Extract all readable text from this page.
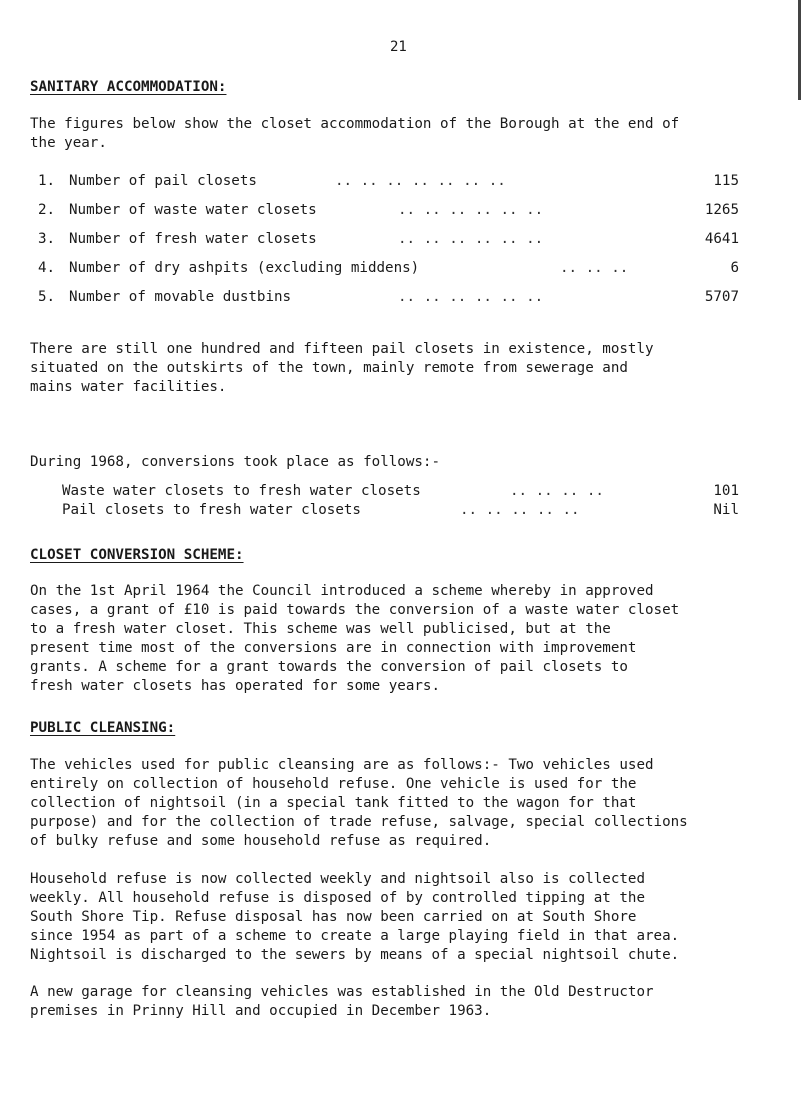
21
SANITARY ACCOMMODATION:
The figures below show the closet accommodation of the Borough at the end of
the year.
1. Number of pail closets	.. .. .. .. .. .. ..	115
2. Number of waste water closets	.. .. .. .. .. ..	1265
3. Number of fresh water closets	.. .. .. .. .. ..	4641
4. Number of dry ashpits (excluding middens)	.. .. ..	6
5. Number of movable dustbins	.. .. .. .. .. ..	5707
There are still one hundred and fifteen pail closets in existence, mostly
situated on the outskirts of the town, mainly remote from sewerage and
mains water facilities.
During 1968, conversions took place as follows:-
Waste water closets to fresh water closets	.. .. .. ..	101
Pail closets to fresh water closets	.. .. .. .. ..	Nil
CLOSET CONVERSION SCHEME:
On the 1st April 1964 the Council introduced a scheme whereby in approved
cases, a grant of £10 is paid towards the conversion of a waste water closet
to a fresh water closet. This scheme was well publicised, but at the
present time most of the conversions are in connection with improvement
grants. A scheme for a grant towards the conversion of pail closets to
fresh water closets has operated for some years.
PUBLIC CLEANSING:
The vehicles used for public cleansing are as follows:- Two vehicles used
entirely on collection of household refuse. One vehicle is used for the
collection of nightsoil (in a special tank fitted to the wagon for that
purpose) and for the collection of trade refuse, salvage, special collections
of bulky refuse and some household refuse as required.
Household refuse is now collected weekly and nightsoil also is collected
weekly. All household refuse is disposed of by controlled tipping at the
South Shore Tip. Refuse disposal has now been carried on at South Shore
since 1954 as part of a scheme to create a large playing field in that area.
Nightsoil is discharged to the sewers by means of a special nightsoil chute.
A new garage for cleansing vehicles was established in the Old Destructor
premises in Prinny Hill and occupied in December 1963.
